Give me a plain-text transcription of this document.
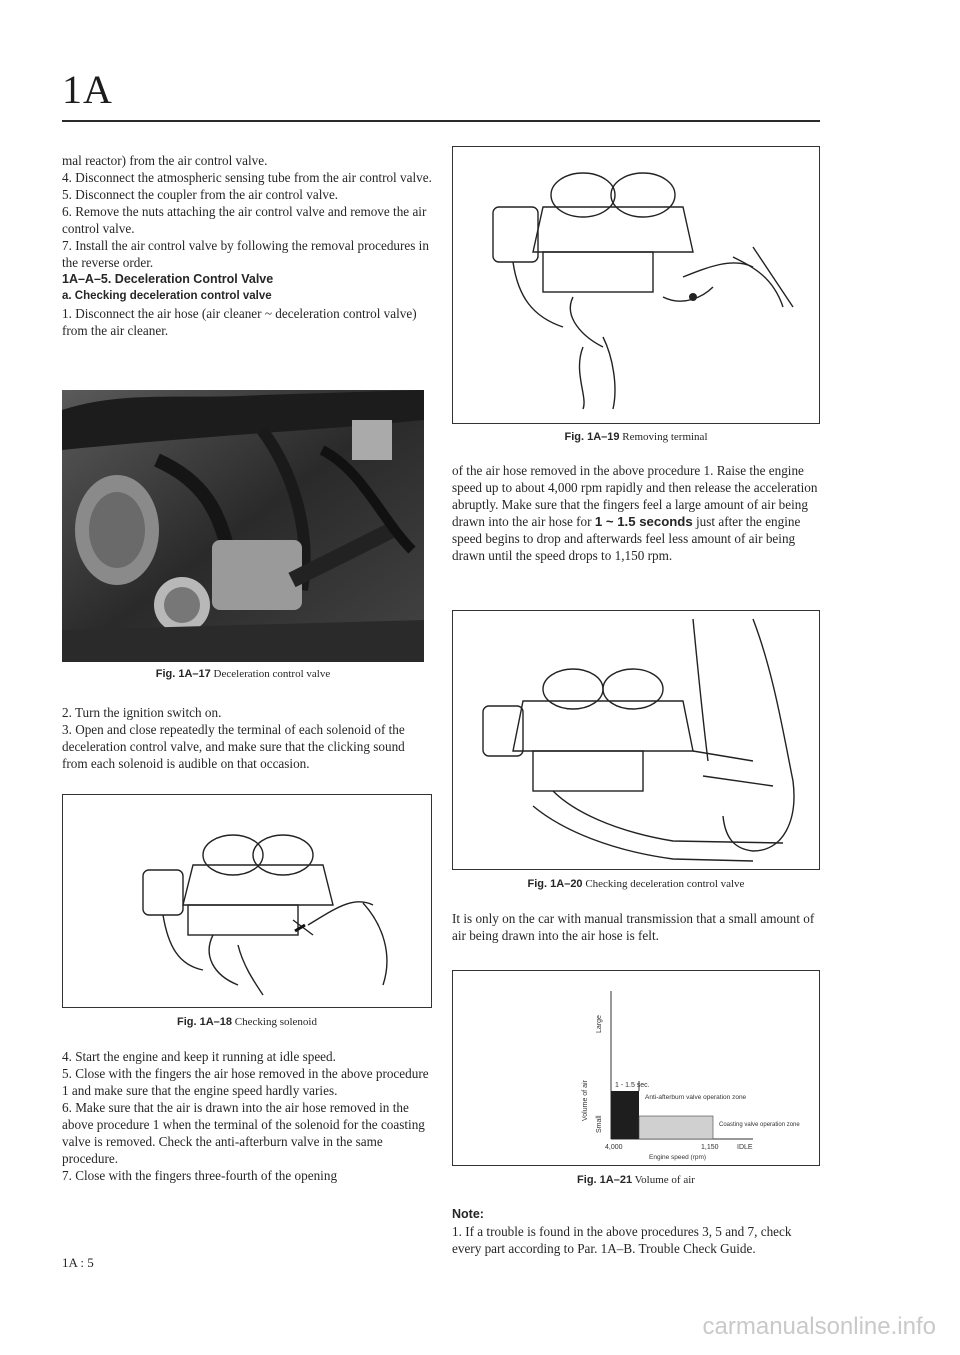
1A

mal reactor) from the air control valve.

4. Disconnect the atmospheric sensing tube from the air control valve.

5. Disconnect the coupler from the air control valve.

6. Remove the nuts attaching the air control valve and remove the air control valve.

7. Install the air control valve by following the removal procedures in the reverse order.

1A–A–5. Deceleration Control Valve

a. Checking deceleration control valve

1. Disconnect the air hose (air cleaner ~ deceleration control valve) from the air cleaner.

Fig. 1A–17 Deceleration control valve

2. Turn the ignition switch on.

3. Open and close repeatedly the terminal of each solenoid of the deceleration control valve, and make sure that the clicking sound from each solenoid is audible on that occasion.

Fig. 1A–18 Checking solenoid

4. Start the engine and keep it running at idle speed.

5. Close with the fingers the air hose removed in the above procedure 1 and make sure that the engine speed hardly varies.

6. Make sure that the air is drawn into the air hose removed in the above procedure 1 when the terminal of the solenoid for the coasting valve is removed. Check the anti-afterburn valve in the same procedure.

7. Close with the fingers three-fourth of the opening

Fig. 1A–19 Removing terminal

of the air hose removed in the above procedure 1. Raise the engine speed up to about 4,000 rpm rapidly and then release the acceleration abruptly. Make sure that the fingers feel a large amount of air being drawn into the air hose for 1 ~ 1.5 seconds just after the engine speed begins to drop and afterwards feel less amount of air being drawn until the speed drops to 1,150 rpm.

Fig. 1A–20 Checking deceleration control valve

It is only on the car with manual transmission that a small amount of air being drawn into the air hose is felt.

1 - 1.5 sec.
Anti-afterburn valve operation zone
Coasting valve operation zone
4,000	1,150	IDLE
Engine speed (rpm)
Volume of air
Small
Large
Fig. 1A–21 Volume of air

Note:

1. If a trouble is found in the above procedures 3, 5 and 7, check every part according to Par. 1A–B. Trouble Check Guide.

1A : 5
carmanualsonline.info
